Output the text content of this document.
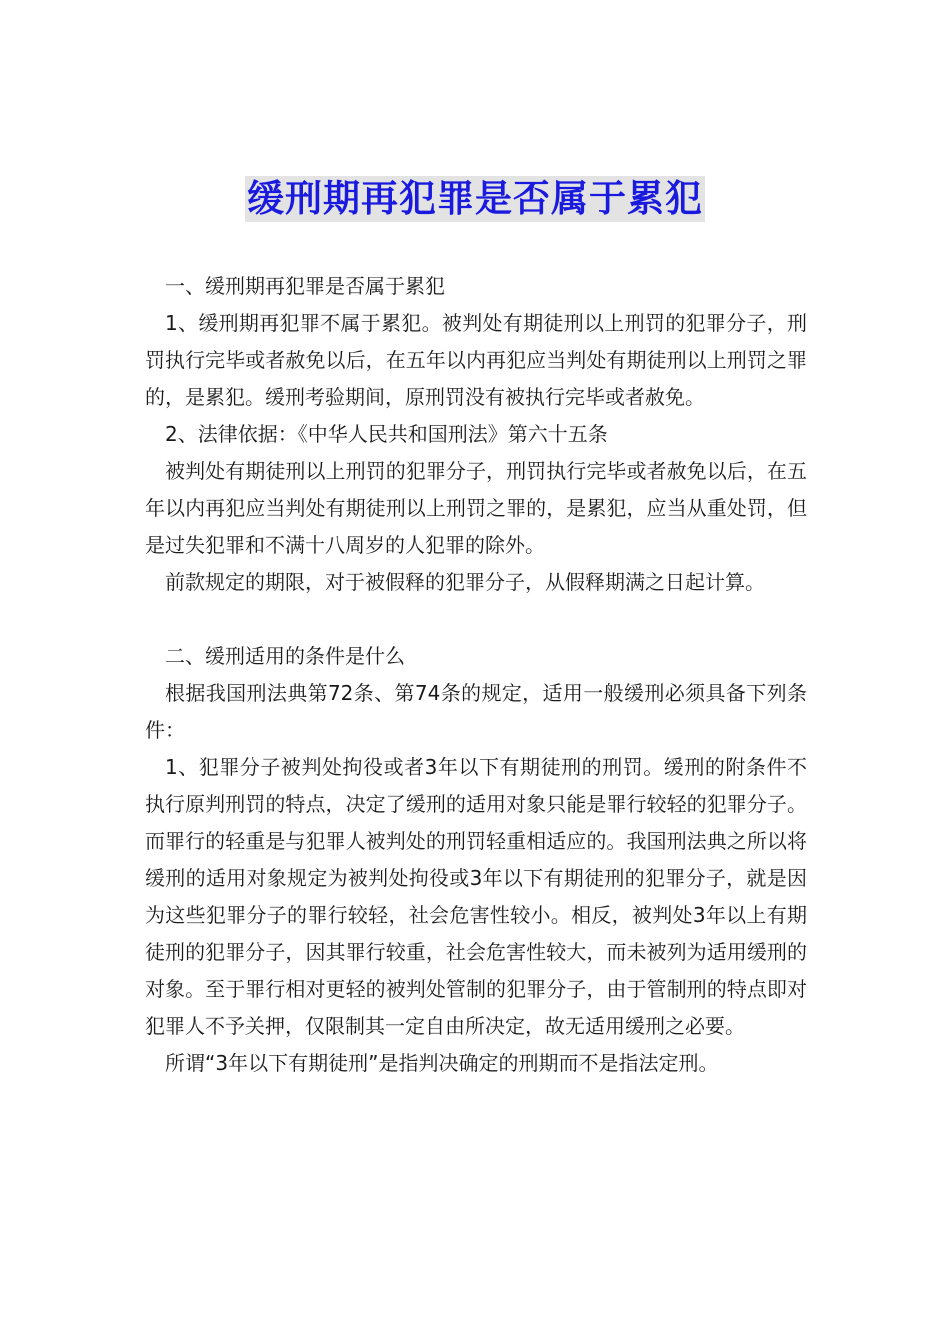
缓刑期再犯罪是否属于累犯

一、缓刑期再犯罪是否属于累犯

1、缓刑期再犯罪不属于累犯。被判处有期徒刑以上刑罚的犯罪分子，刑罚执行完毕或者赦免以后，在五年以内再犯应当判处有期徒刑以上刑罚之罪的，是累犯。缓刑考验期间，原刑罚没有被执行完毕或者赦免。

2、法律依据：《中华人民共和国刑法》第六十五条

被判处有期徒刑以上刑罚的犯罪分子，刑罚执行完毕或者赦免以后，在五年以内再犯应当判处有期徒刑以上刑罚之罪的，是累犯，应当从重处罚，但是过失犯罪和不满十八周岁的人犯罪的除外。

前款规定的期限，对于被假释的犯罪分子，从假释期满之日起计算。

二、缓刑适用的条件是什么

根据我国刑法典第72条、第74条的规定，适用一般缓刑必须具备下列条件：

1、犯罪分子被判处拘役或者3年以下有期徒刑的刑罚。缓刑的附条件不执行原判刑罚的特点，决定了缓刑的适用对象只能是罪行较轻的犯罪分子。而罪行的轻重是与犯罪人被判处的刑罚轻重相适应的。我国刑法典之所以将缓刑的适用对象规定为被判处拘役或3年以下有期徒刑的犯罪分子，就是因为这些犯罪分子的罪行较轻，社会危害性较小。相反，被判处3年以上有期徒刑的犯罪分子，因其罪行较重，社会危害性较大，而未被列为适用缓刑的对象。至于罪行相对更轻的被判处管制的犯罪分子，由于管制刑的特点即对犯罪人不予关押，仅限制其一定自由所决定，故无适用缓刑之必要。

所谓“3年以下有期徒刑”是指判决确定的刑期而不是指法定刑。
